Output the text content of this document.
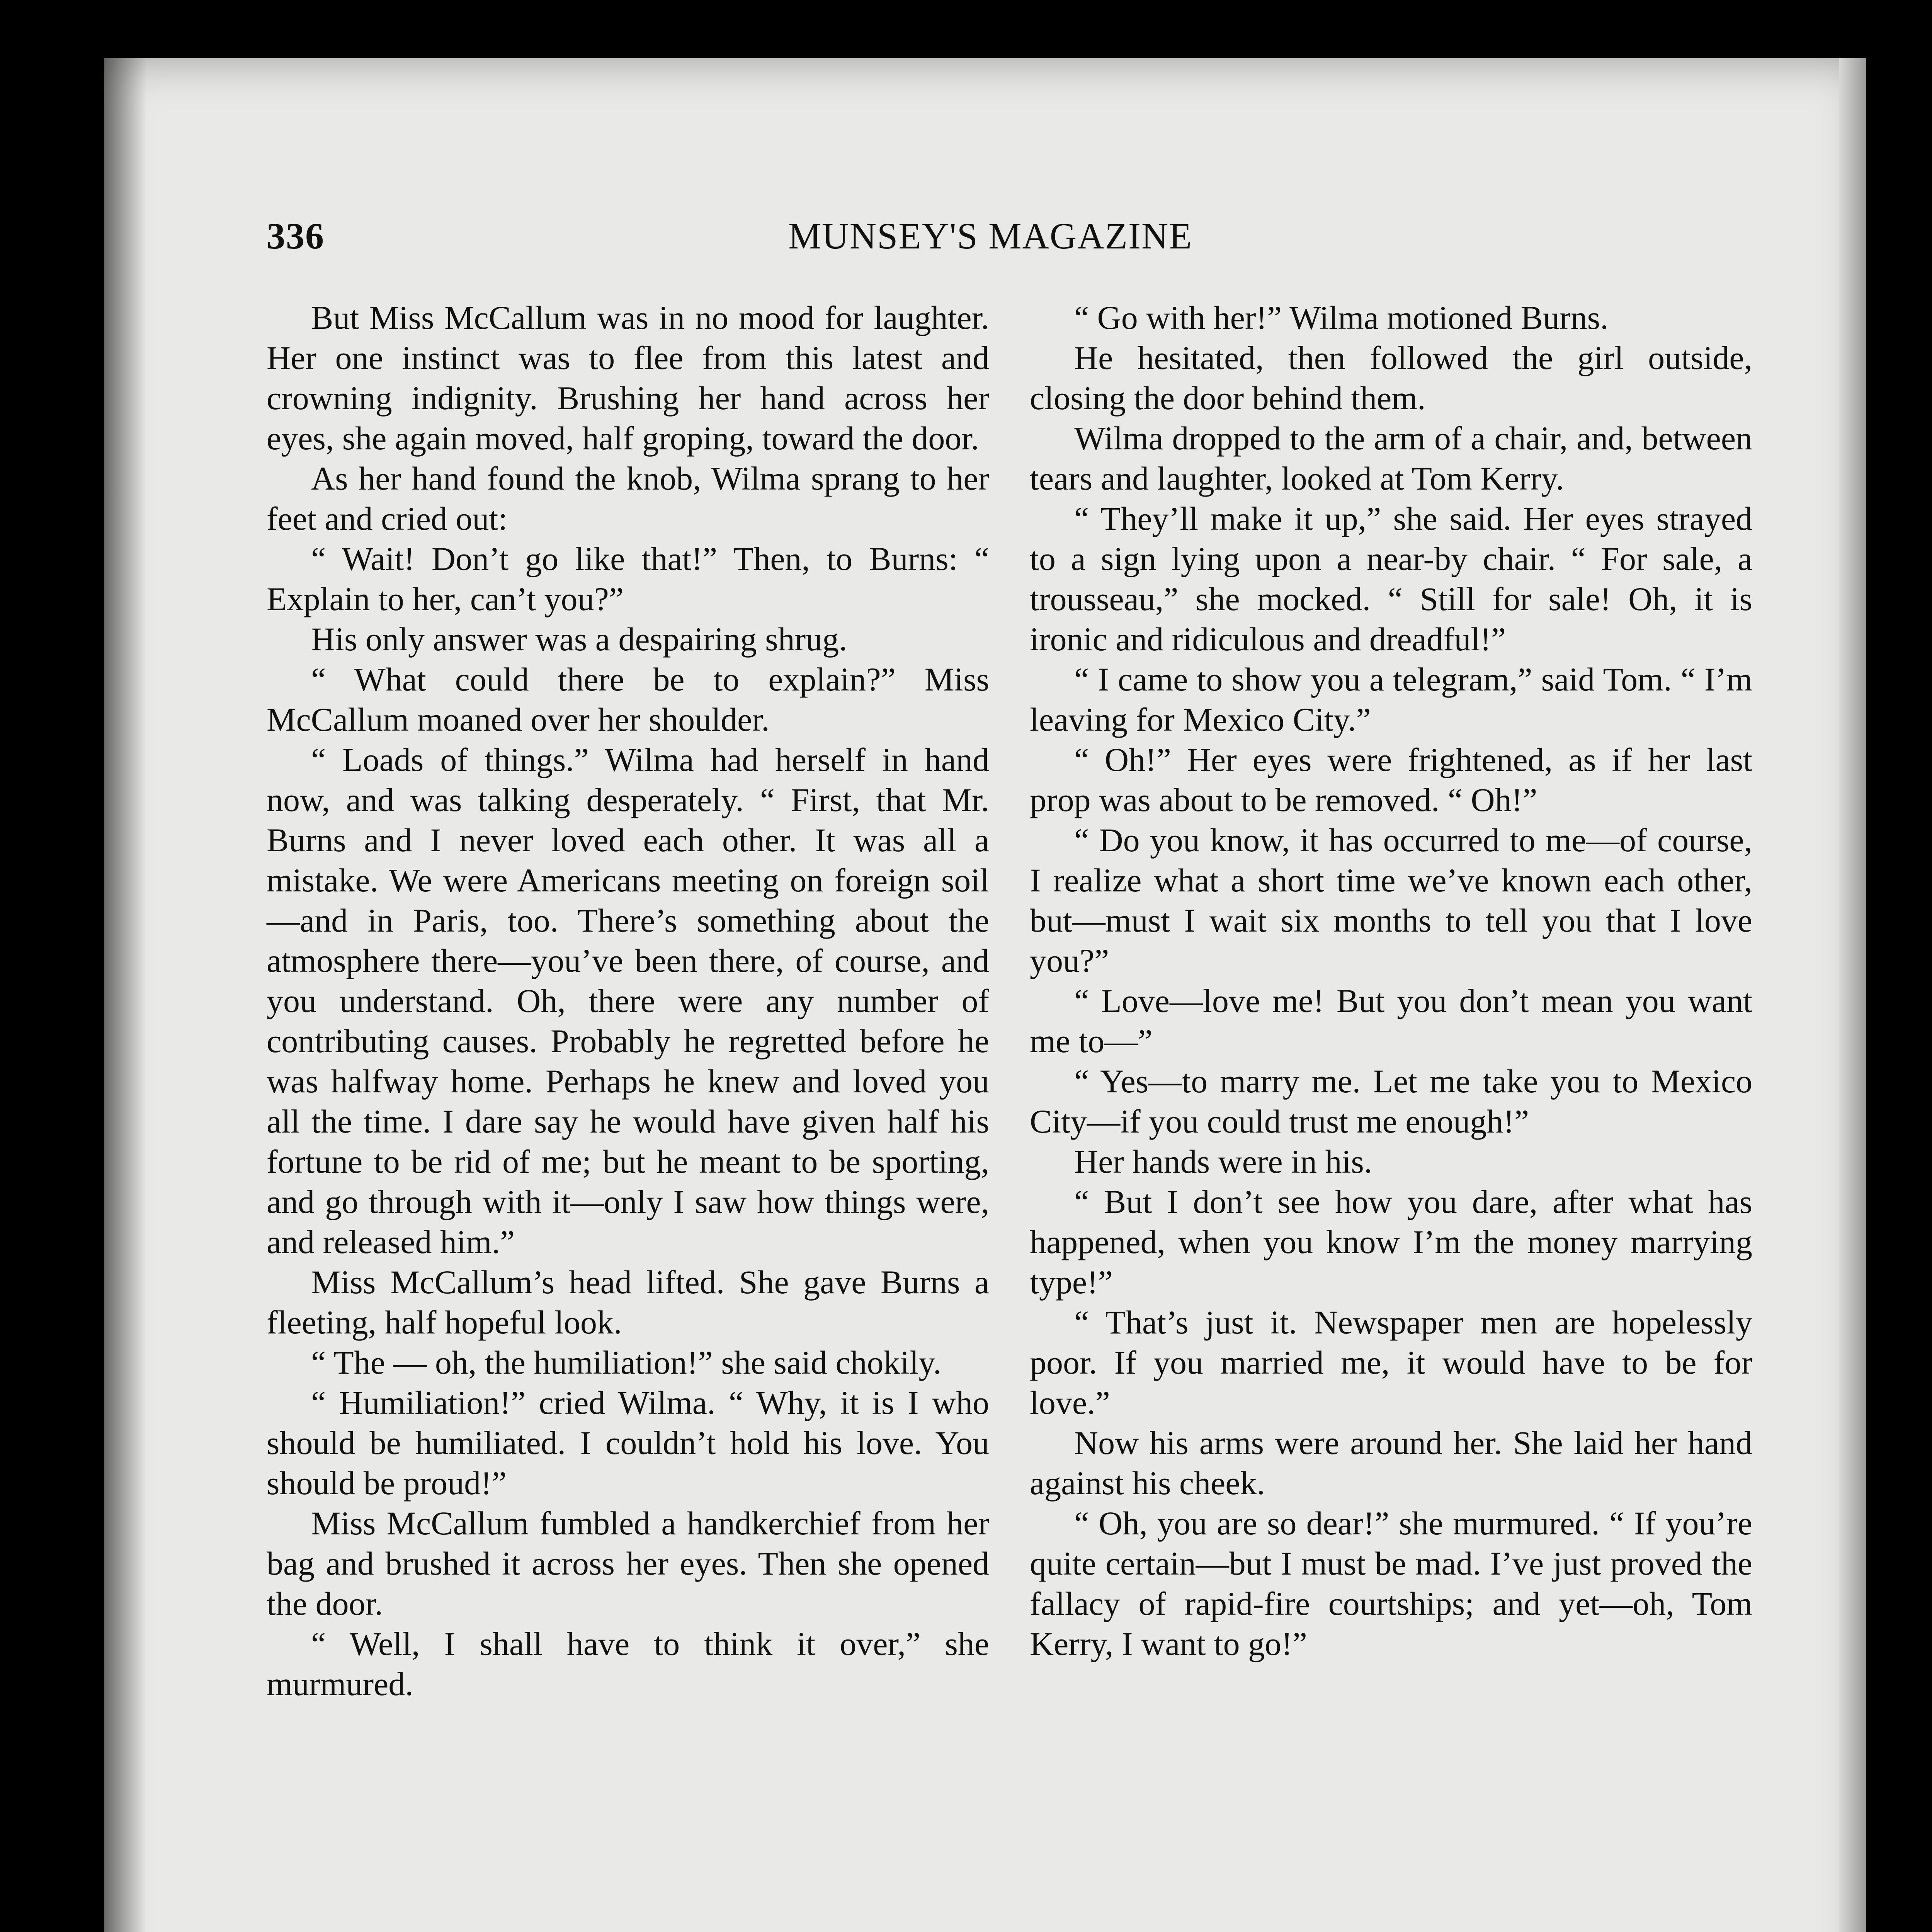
336	MUNSEY'S MAGAZINE

But Miss McCallum was in no mood for laughter. Her one instinct was to flee from this latest and crowning indignity. Brushing her hand across her eyes, she again moved, half groping, toward the door.

As her hand found the knob, Wilma sprang to her feet and cried out:

“ Wait! Don’t go like that!” Then, to Burns: “ Explain to her, can’t you?”

His only answer was a despairing shrug.

“ What could there be to explain?” Miss McCallum moaned over her shoulder.

“ Loads of things.” Wilma had herself in hand now, and was talking desperately. “ First, that Mr. Burns and I never loved each other. It was all a mistake. We were Americans meeting on foreign soil—and in Paris, too. There’s something about the atmosphere there—you’ve been there, of course, and you understand. Oh, there were any number of contributing causes. Probably he regretted before he was halfway home. Perhaps he knew and loved you all the time. I dare say he would have given half his fortune to be rid of me; but he meant to be sporting, and go through with it—only I saw how things were, and released him.”

Miss McCallum’s head lifted. She gave Burns a fleeting, half hopeful look.

“ The — oh, the humiliation!” she said chokily.

“ Humiliation!” cried Wilma. “ Why, it is I who should be humiliated. I couldn’t hold his love. You should be proud!”

Miss McCallum fumbled a handkerchief from her bag and brushed it across her eyes. Then she opened the door.

“ Well, I shall have to think it over,” she murmured.

“ Go with her!” Wilma motioned Burns.

He hesitated, then followed the girl outside, closing the door behind them.

Wilma dropped to the arm of a chair, and, between tears and laughter, looked at Tom Kerry.

“ They’ll make it up,” she said. Her eyes strayed to a sign lying upon a near-by chair. “ For sale, a trousseau,” she mocked. “ Still for sale! Oh, it is ironic and ridiculous and dreadful!”

“ I came to show you a telegram,” said Tom. “ I’m leaving for Mexico City.”

“ Oh!” Her eyes were frightened, as if her last prop was about to be removed. “ Oh!”

“ Do you know, it has occurred to me—of course, I realize what a short time we’ve known each other, but—must I wait six months to tell you that I love you?”

“ Love—love me! But you don’t mean you want me to—”

“ Yes—to marry me. Let me take you to Mexico City—if you could trust me enough!”

Her hands were in his.

“ But I don’t see how you dare, after what has happened, when you know I’m the money marrying type!”

“ That’s just it. Newspaper men are hopelessly poor. If you married me, it would have to be for love.”

Now his arms were around her. She laid her hand against his cheek.

“ Oh, you are so dear!” she murmured. “ If you’re quite certain—but I must be mad. I’ve just proved the fallacy of rapid-fire courtships; and yet—oh, Tom Kerry, I want to go!”
